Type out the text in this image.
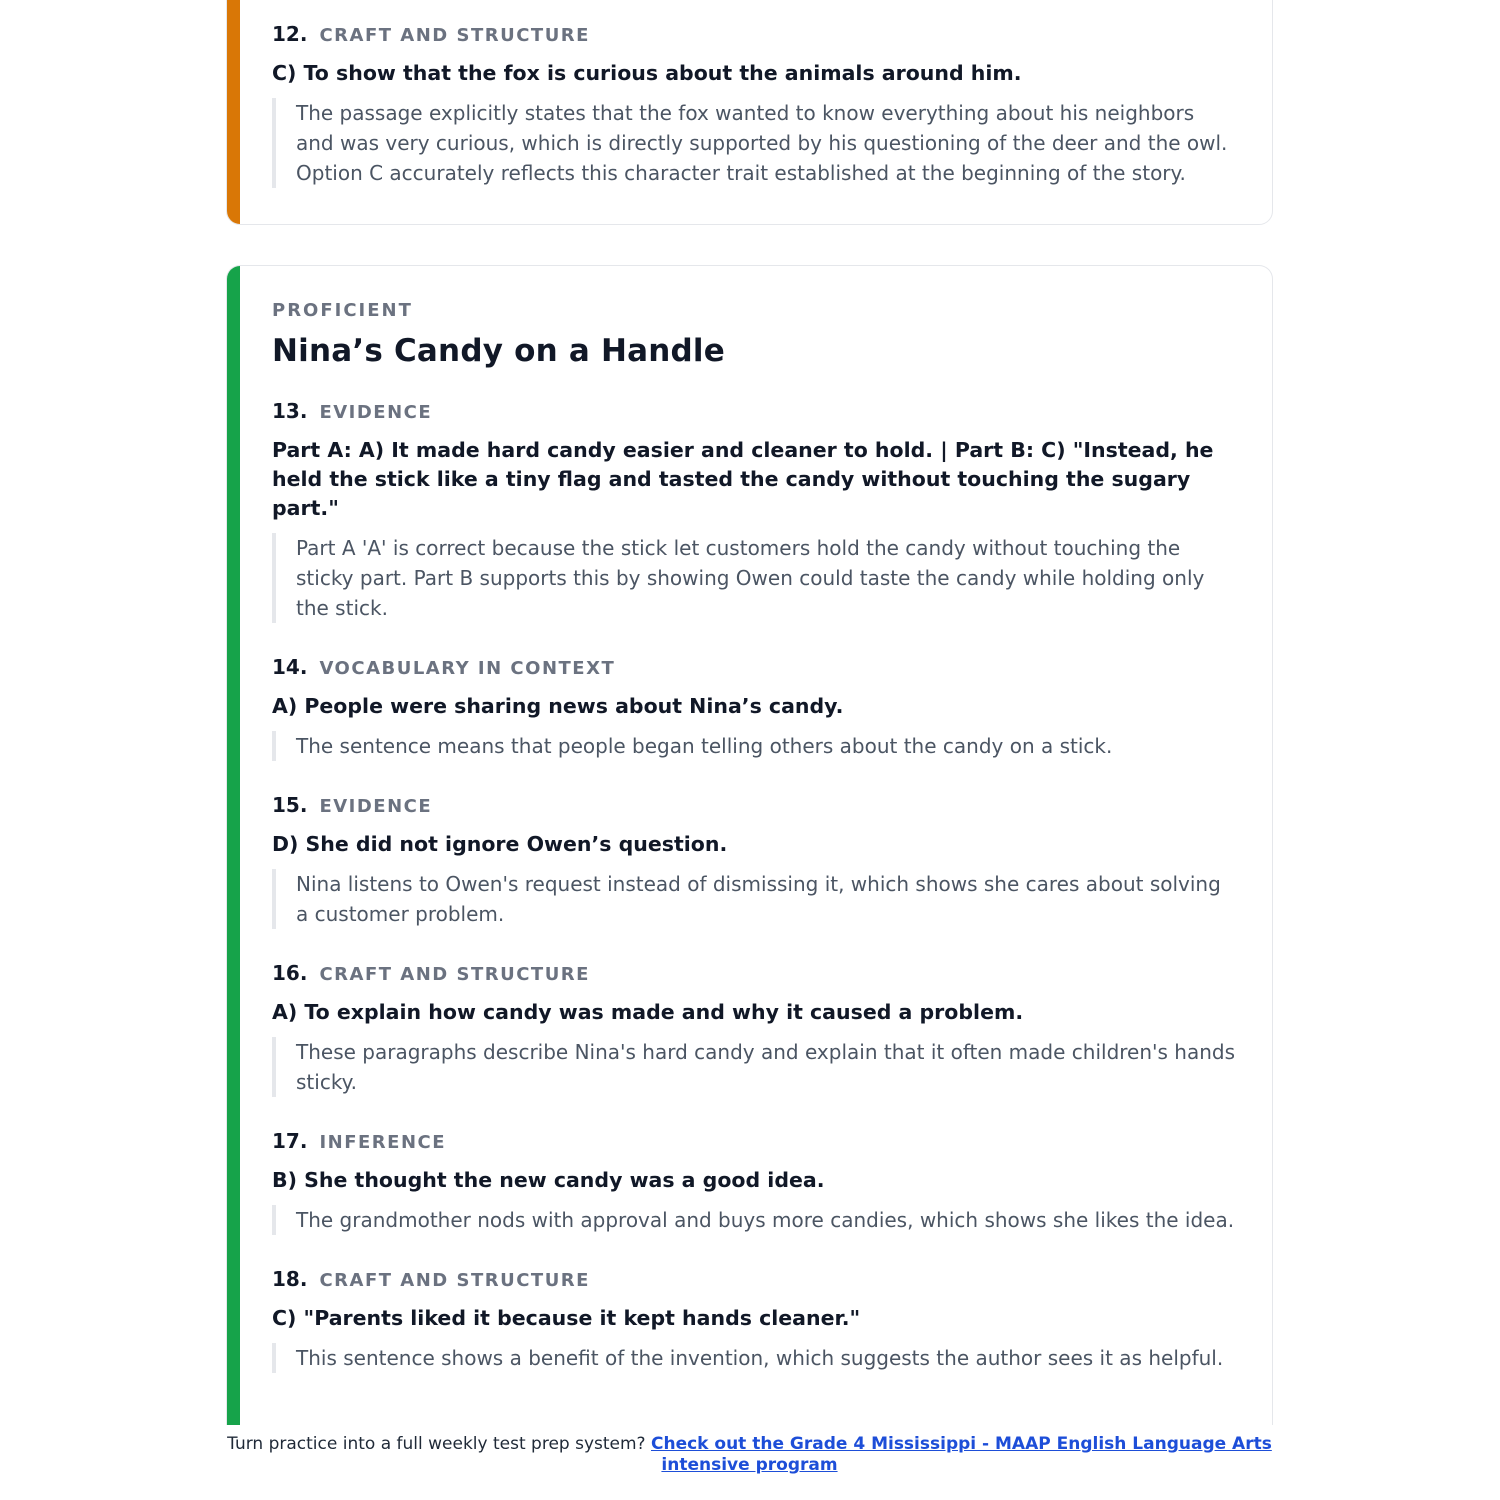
12. CRAFT AND STRUCTURE

C) To show that the fox is curious about the animals around him.

The passage explicitly states that the fox wanted to know everything about his neighbors and was very curious, which is directly supported by his questioning of the deer and the owl. Option C accurately reflects this character trait established at the beginning of the story.

PROFICIENT

Nina’s Candy on a Handle
13. EVIDENCE

Part A: A) It made hard candy easier and cleaner to hold. | Part B: C) "Instead, he held the stick like a tiny flag and tasted the candy without touching the sugary part."

Part A 'A' is correct because the stick let customers hold the candy without touching the sticky part. Part B supports this by showing Owen could taste the candy while holding only the stick.

14. VOCABULARY IN CONTEXT

A) People were sharing news about Nina’s candy.

The sentence means that people began telling others about the candy on a stick.

15. EVIDENCE

D) She did not ignore Owen’s question.

Nina listens to Owen's request instead of dismissing it, which shows she cares about solving a customer problem.

16. CRAFT AND STRUCTURE

A) To explain how candy was made and why it caused a problem.

These paragraphs describe Nina's hard candy and explain that it often made children's hands sticky.

17. INFERENCE

B) She thought the new candy was a good idea.

The grandmother nods with approval and buys more candies, which shows she likes the idea.

18. CRAFT AND STRUCTURE

C) "Parents liked it because it kept hands cleaner."

This sentence shows a benefit of the invention, which suggests the author sees it as helpful.

Turn practice into a full weekly test prep system? Check out the Grade 4 Mississippi - MAAP English Language Arts intensive program
